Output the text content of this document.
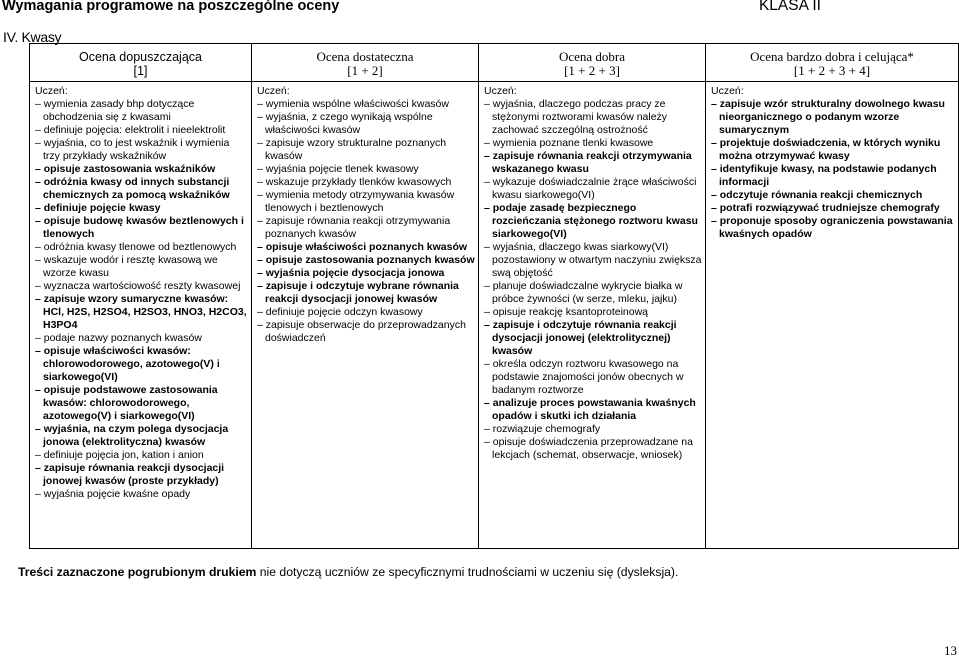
Wymagania programowe na poszczególne oceny	KLASA II
IV. Kwasy
Ocena dopuszczająca
[1]
Uczeń:
– wymienia zasady bhp dotyczące obchodzenia się z kwasami
– definiuje pojęcia: elektrolit i nieelektrolit
– wyjaśnia, co to jest wskaźnik i wymienia trzy przykłady wskaźników
– opisuje zastosowania wskaźników
– odróżnia kwasy od innych substancji chemicznych za pomocą wskaźników
– definiuje pojęcie kwasy
– opisuje budowę kwasów beztlenowych i tlenowych
– odróżnia kwasy tlenowe od beztlenowych
– wskazuje wodór i resztę kwasową we wzorze kwasu
– wyznacza wartościowość reszty kwasowej
– zapisuje wzory sumaryczne kwasów: HCl, H2S, H2SO4, H2SO3, HNO3, H2CO3, H3PO4
– podaje nazwy poznanych kwasów
– opisuje właściwości kwasów: chlorowodorowego, azotowego(V) i siarkowego(VI)
– opisuje podstawowe zastosowania kwasów: chlorowodorowego, azotowego(V) i siarkowego(VI)
– wyjaśnia, na czym polega dysocjacja jonowa (elektrolityczna) kwasów
– definiuje pojęcia jon, kation i anion
– zapisuje równania reakcji dysocjacji jonowej kwasów (proste przykłady)
– wyjaśnia pojęcie kwaśne opady
Ocena dostateczna
[1 + 2]
Uczeń:
– wymienia wspólne właściwości kwasów
– wyjaśnia, z czego wynikają wspólne właściwości kwasów
– zapisuje wzory strukturalne poznanych kwasów
– wyjaśnia pojęcie tlenek kwasowy
– wskazuje przykłady tlenków kwasowych
– wymienia metody otrzymywania kwasów tlenowych i beztlenowych
– zapisuje równania reakcji otrzymywania poznanych kwasów
– opisuje właściwości poznanych kwasów
– opisuje zastosowania poznanych kwasów
– wyjaśnia pojęcie dysocjacja jonowa
– zapisuje i odczytuje wybrane równania reakcji dysocjacji jonowej kwasów
– definiuje pojęcie odczyn kwasowy
– zapisuje obserwacje do przeprowadzanych doświadczeń
Ocena dobra
[1 + 2 + 3]
Uczeń:
– wyjaśnia, dlaczego podczas pracy ze stężonymi roztworami kwasów należy zachować szczególną ostrożność
– wymienia poznane tlenki kwasowe
– zapisuje równania reakcji otrzymywania wskazanego kwasu
– wykazuje doświadczalnie żrące właściwości kwasu siarkowego(VI)
– podaje zasadę bezpiecznego rozcieńczania stężonego roztworu kwasu siarkowego(VI)
– wyjaśnia, dlaczego kwas siarkowy(VI) pozostawiony w otwartym naczyniu zwiększa swą objętość
– planuje doświadczalne wykrycie białka w próbce żywności (w serze, mleku, jajku)
– opisuje reakcję ksantoproteinową
– zapisuje i odczytuje równania reakcji dysocjacji jonowej (elektrolitycznej) kwasów
– określa odczyn roztworu kwasowego na podstawie znajomości jonów obecnych w badanym roztworze
– analizuje proces powstawania kwaśnych opadów i skutki ich działania
– rozwiązuje chemografy
– opisuje doświadczenia przeprowadzane na lekcjach (schemat, obserwacje, wniosek)
Ocena bardzo dobra i celująca*
[1 + 2 + 3 + 4]
Uczeń:
– zapisuje wzór strukturalny dowolnego kwasu nieorganicznego o podanym wzorze sumarycznym
– projektuje doświadczenia, w których wyniku można otrzymywać kwasy
– identyfikuje kwasy, na podstawie podanych informacji
– odczytuje równania reakcji chemicznych
– potrafi rozwiązywać trudniejsze chemografy
– proponuje sposoby ograniczenia powstawania kwaśnych opadów
Treści zaznaczone pogrubionym drukiem nie dotyczą uczniów ze specyficznymi trudnościami w uczeniu się (dysleksja).
13
